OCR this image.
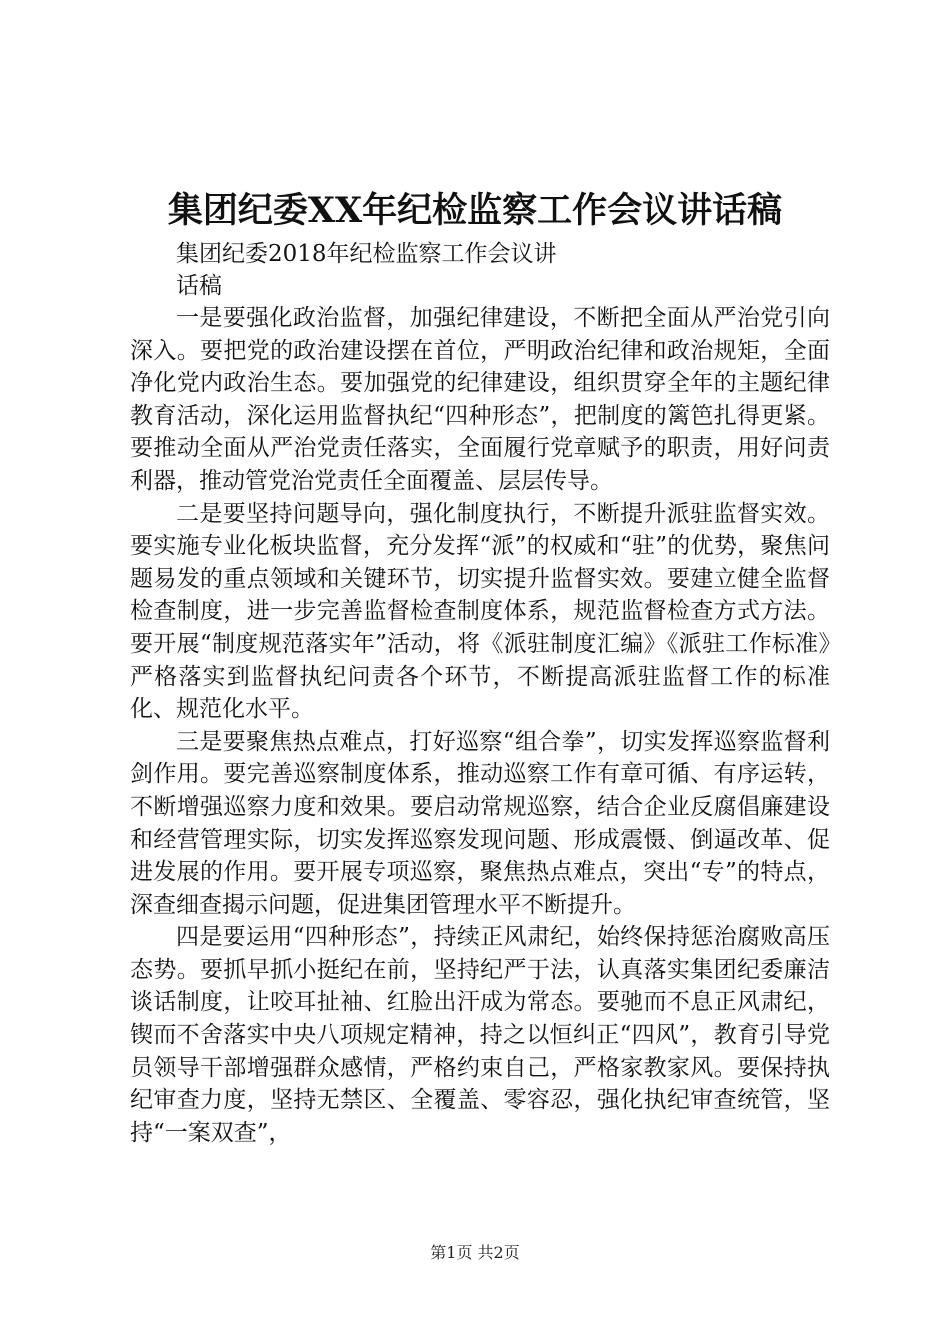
集团纪委XX年纪检监察工作会议讲话稿
集团纪委2018年纪检监察工作会议讲
话稿

一是要强化政治监督，加强纪律建设，不断把全面从严治党引向深入。要把党的政治建设摆在首位，严明政治纪律和政治规矩，全面净化党内政治生态。要加强党的纪律建设，组织贯穿全年的主题纪律教育活动，深化运用监督执纪“四种形态”，把制度的篱笆扎得更紧。要推动全面从严治党责任落实，全面履行党章赋予的职责，用好问责利器，推动管党治党责任全面覆盖、层层传导。

二是要坚持问题导向，强化制度执行，不断提升派驻监督实效。要实施专业化板块监督，充分发挥“派”的权威和“驻”的优势，聚焦问题易发的重点领域和关键环节，切实提升监督实效。要建立健全监督检查制度，进一步完善监督检查制度体系，规范监督检查方式方法。要开展“制度规范落实年”活动，将《派驻制度汇编》《派驻工作标准》严格落实到监督执纪问责各个环节，不断提高派驻监督工作的标准化、规范化水平。

三是要聚焦热点难点，打好巡察“组合拳”，切实发挥巡察监督利剑作用。要完善巡察制度体系，推动巡察工作有章可循、有序运转，不断增强巡察力度和效果。要启动常规巡察，结合企业反腐倡廉建设和经营管理实际，切实发挥巡察发现问题、形成震慑、倒逼改革、促进发展的作用。要开展专项巡察，聚焦热点难点，突出“专”的特点，深查细查揭示问题，促进集团管理水平不断提升。

四是要运用“四种形态”，持续正风肃纪，始终保持惩治腐败高压态势。要抓早抓小挺纪在前，坚持纪严于法，认真落实集团纪委廉洁谈话制度，让咬耳扯袖、红脸出汗成为常态。要驰而不息正风肃纪，锲而不舍落实中央八项规定精神，持之以恒纠正“四风”，教育引导党员领导干部增强群众感情，严格约束自己，严格家教家风。要保持执纪审查力度，坚持无禁区、全覆盖、零容忍，强化执纪审查统管，坚持“一案双查”，

第1页 共2页
